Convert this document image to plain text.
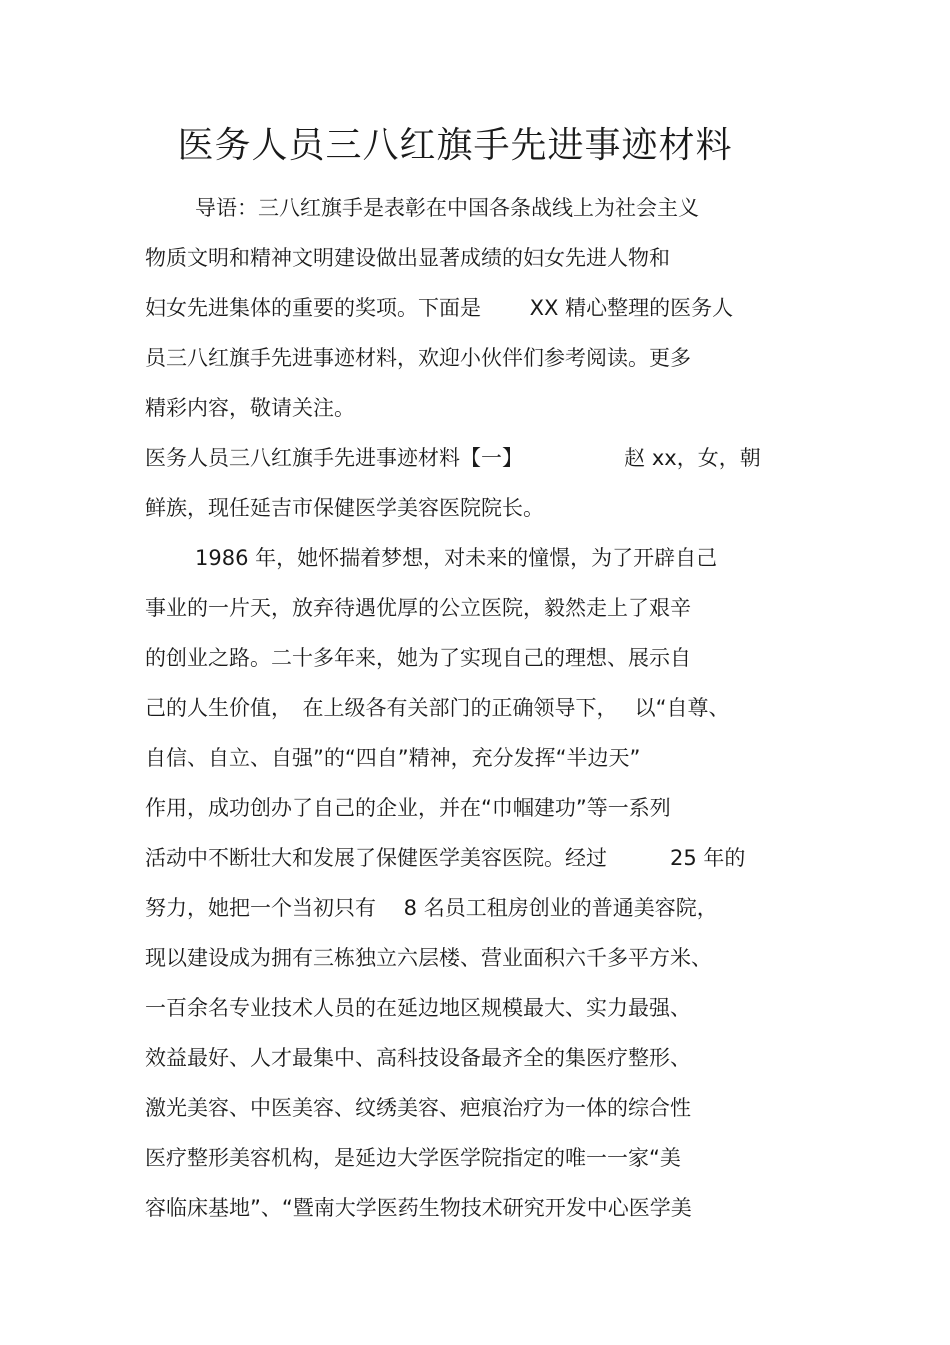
医务人员三八红旗手先进事迹材料
导语：三八红旗手是表彰在中国各条战线上为社会主义
物质文明和精神文明建设做出显著成绩的妇女先进人物和
妇女先进集体的重要的奖项。下面是　　 XX 精心整理的医务人
员三八红旗手先进事迹材料，欢迎小伙伴们参考阅读。更多
精彩内容，敬请关注。
医务人员三八红旗手先进事迹材料【一】　　　　　 赵 xx，女，朝
鲜族，现任延吉市保健医学美容医院院长。
1986 年，她怀揣着梦想，对未来的憧憬，为了开辟自己
事业的一片天，放弃待遇优厚的公立医院，毅然走上了艰辛
的创业之路。二十多年来，她为了实现自己的理想、展示自
己的人生价值，　在上级各有关部门的正确领导下，　 以“自尊、
自信、自立、自强”的“四自”精神，充分发挥“半边天”
作用，成功创办了自己的企业，并在“巾帼建功”等一系列
活动中不断壮大和发展了保健医学美容医院。经过　　　25 年的
努力，她把一个当初只有　 8 名员工租房创业的普通美容院，
现以建设成为拥有三栋独立六层楼、营业面积六千多平方米、
一百余名专业技术人员的在延边地区规模最大、实力最强、
效益最好、人才最集中、高科技设备最齐全的集医疗整形、
激光美容、中医美容、纹绣美容、疤痕治疗为一体的综合性
医疗整形美容机构，是延边大学医学院指定的唯一一家“美
容临床基地”、“暨南大学医药生物技术研究开发中心医学美
